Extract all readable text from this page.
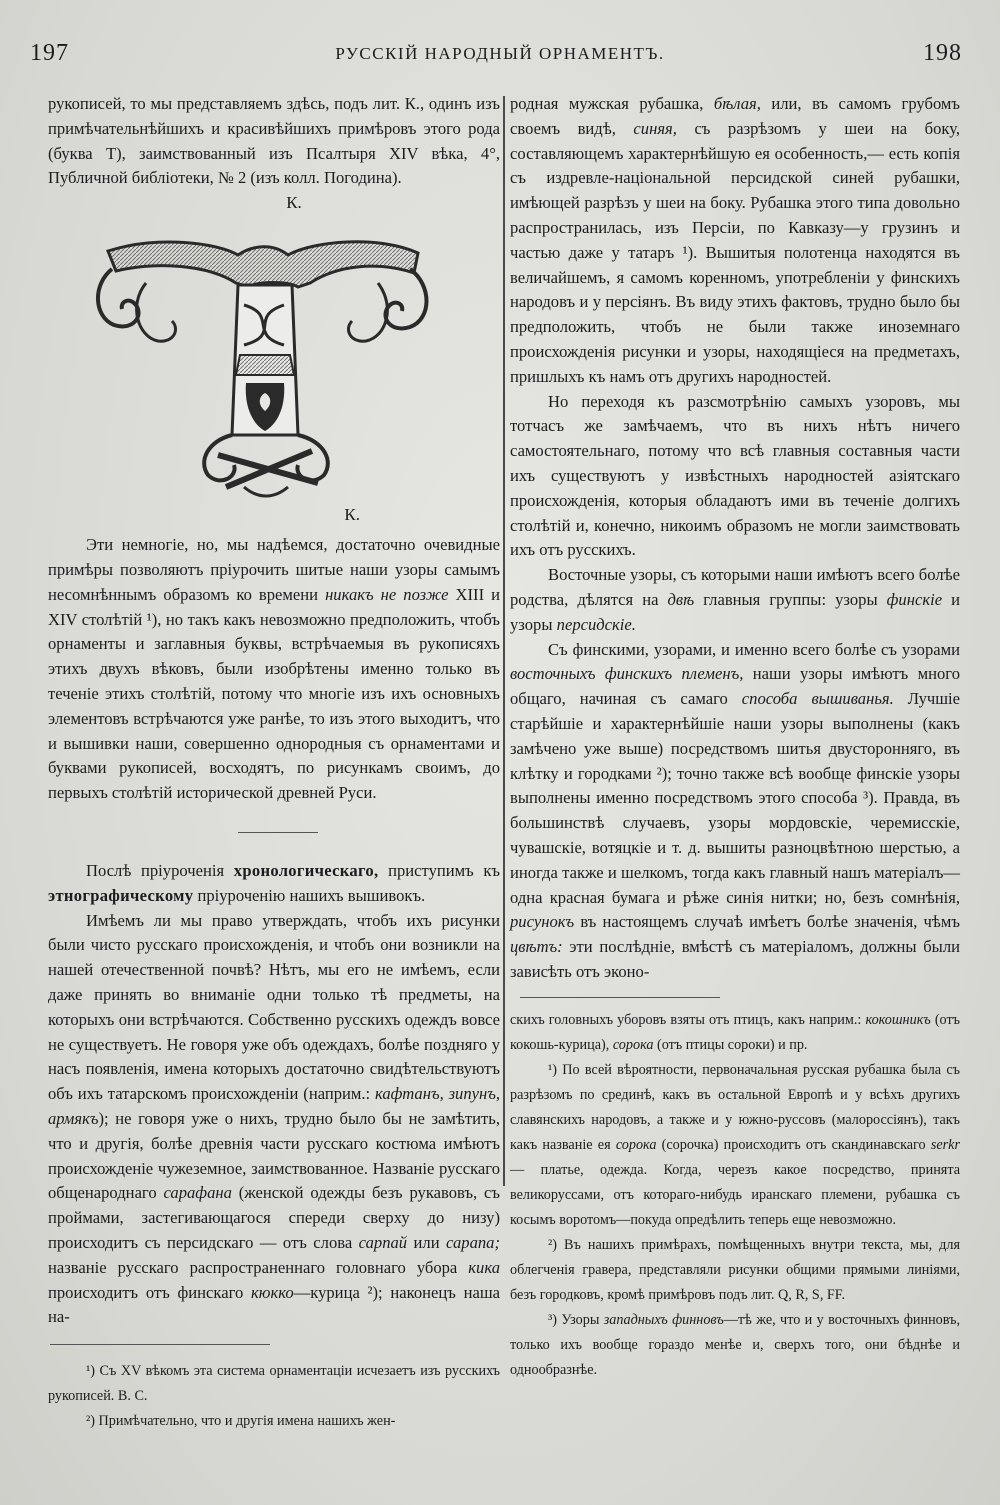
197	РУССКІЙ НАРОДНЫЙ ОРНАМЕНТЪ.	198

рукописей, то мы представляемъ здѣсь, подъ лит. К., одинъ изъ примѣчательнѣйшихъ и красивѣйшихъ примѣровъ этого рода (буква Т), заимствованный изъ Псалтыря XIV вѣка, 4°, Публичной библіотеки, № 2 (изъ колл. Погодина).

К.
К.

Эти немногіе, но, мы надѣемся, достаточно очевидные примѣры позволяютъ пріурочить шитые наши узоры самымъ несомнѣннымъ образомъ ко времени никакъ не позже XIII и XIV столѣтій ¹), но такъ какъ невозможно предположить, чтобъ орнаменты и заглавныя буквы, встрѣчаемыя въ рукописяхъ этихъ двухъ вѣковъ, были изобрѣтены именно только въ теченіе этихъ столѣтій, потому что многіе изъ ихъ основныхъ элементовъ встрѣчаются уже ранѣе, то изъ этого выходитъ, что и вышивки наши, совершенно однородныя съ орнаментами и буквами рукописей, восходятъ, по рисункамъ своимъ, до первыхъ столѣтій исторической древней Руси.

Послѣ пріуроченія хронологическаго, приступимъ къ этнографическому пріуроченію нашихъ вышивокъ.

Имѣемъ ли мы право утверждать, чтобъ ихъ рисунки были чисто русскаго происхожденія, и чтобъ они возникли на нашей отечественной почвѣ? Нѣтъ, мы его не имѣемъ, если даже принять во вниманіе одни только тѣ предметы, на которыхъ они встрѣчаются. Собственно русскихъ одеждъ вовсе не существуетъ. Не говоря уже объ одеждахъ, болѣе поздняго у насъ появленія, имена которыхъ достаточно свидѣтельствуютъ объ ихъ татарскомъ происхожденіи (наприм.: кафтанъ, зипунъ, армякъ); не говоря уже о нихъ, трудно было бы не замѣтить, что и другія, болѣе древнія части русскаго костюма имѣютъ происхожденіе чужеземное, заимствованное. Названіе русскаго общенароднаго сарафана (женской одежды безъ рукавовъ, съ проймами, застегивающагося спереди сверху до низу) происходитъ съ персидскаго — отъ слова сарпай или сарапа; названіе русскаго распространеннаго головнаго убора кика происходитъ отъ финскаго кюкко—курица ²); наконецъ наша на-

¹) Съ XV вѣкомъ эта система орнаментаціи исчезаетъ изъ русскихъ рукописей. В. С.

²) Примѣчательно, что и другія имена нашихъ жен-

родная мужская рубашка, бѣлая, или, въ самомъ грубомъ своемъ видѣ, синяя, съ разрѣзомъ у шеи на боку, составляющемъ характернѣйшую ея особенность,— есть копія съ издревле-національной персидской синей рубашки, имѣющей разрѣзъ у шеи на боку. Рубашка этого типа довольно распространилась, изъ Персіи, по Кавказу—у грузинъ и частью даже у татаръ ¹). Вышитыя полотенца находятся въ величайшемъ, я самомъ коренномъ, употребленіи у финскихъ народовъ и у персіянъ. Въ виду этихъ фактовъ, трудно было бы предположить, чтобъ не были также иноземнаго происхожденія рисунки и узоры, находящіеся на предметахъ, пришлыхъ къ намъ отъ другихъ народностей.

Но переходя къ разсмотрѣнію самыхъ узоровъ, мы тотчасъ же замѣчаемъ, что въ нихъ нѣтъ ничего самостоятельнаго, потому что всѣ главныя составныя части ихъ существуютъ у извѣстныхъ народностей азіятскаго происхожденія, которыя обладаютъ ими въ теченіе долгихъ столѣтій и, конечно, никоимъ образомъ не могли заимствовать ихъ отъ русскихъ.

Восточные узоры, съ которыми наши имѣютъ всего болѣе родства, дѣлятся на двѣ главныя группы: узоры финскіе и узоры персидскіе.

Съ финскими, узорами, и именно всего болѣе съ узорами восточныхъ финскихъ племенъ, наши узоры имѣютъ много общаго, начиная съ самаго способа вышиванья. Лучшіе старѣйшіе и характернѣйшіе наши узоры выполнены (какъ замѣчено уже выше) посредствомъ шитья двусторонняго, въ клѣтку и городками ²); точно также всѣ вообще финскіе узоры выполнены именно посредствомъ этого способа ³). Правда, въ большинствѣ случаевъ, узоры мордовскіе, черемисскіе, чувашскіе, вотяцкіе и т. д. вышиты разноцвѣтною шерстью, а иногда также и шелкомъ, тогда какъ главный нашъ матеріалъ— одна красная бумага и рѣже синія нитки; но, безъ сомнѣнія, рисунокъ въ настоящемъ случаѣ имѣетъ болѣе значенія, чѣмъ цвѣтъ: эти послѣдніе, вмѣстѣ съ матеріаломъ, должны были зависѣть отъ эконо-

скихъ головныхъ уборовъ взяты отъ птицъ, какъ наприм.: кокошникъ (отъ кокошь-курица), сорока (отъ птицы сороки) и пр.

¹) По всей вѣроятности, первоначальная русская рубашка была съ разрѣзомъ по срединѣ, какъ въ остальной Европѣ и у всѣхъ другихъ славянскихъ народовъ, а также и у южно-руссовъ (малороссіянъ), такъ какъ названіе ея сорока (сорочка) происходитъ отъ скандинавскаго serkr — платье, одежда. Когда, черезъ какое посредство, принята великоруссами, отъ котораго-нибудь иранскаго племени, рубашка съ косымъ воротомъ—покуда опредѣлить теперь еще невозможно.

²) Въ нашихъ примѣрахъ, помѣщенныхъ внутри текста, мы, для облегченія гравера, представляли рисунки общими прямыми линіями, безъ городковъ, кромѣ примѣровъ подъ лит. Q, R, S, FF.

³) Узоры западныхъ финновъ—тѣ же, что и у восточныхъ финновъ, только ихъ вообще гораздо менѣе и, сверхъ того, они бѣднѣе и однообразнѣе.
